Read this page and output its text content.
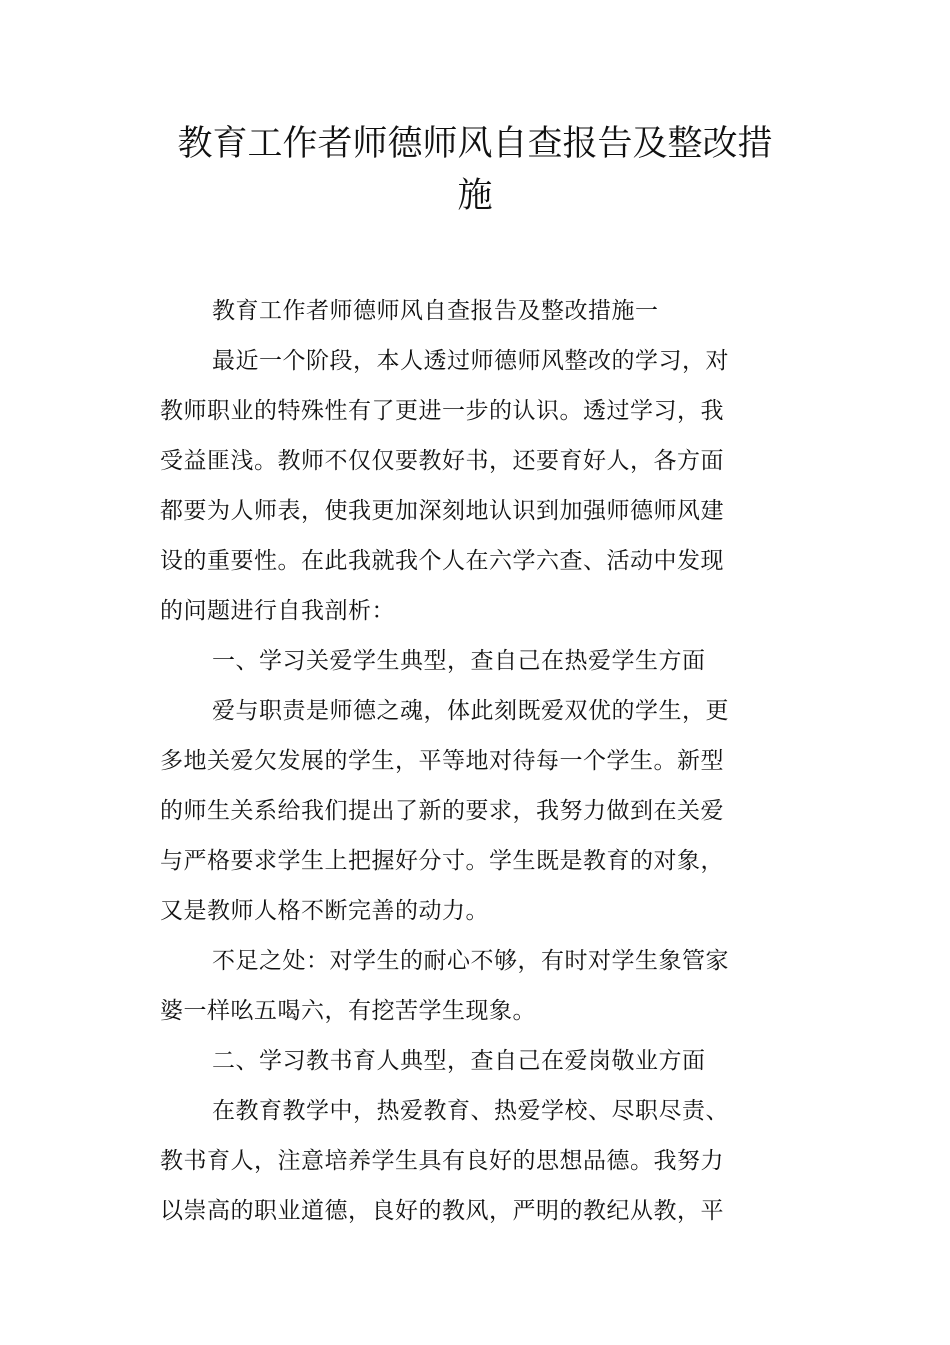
教育工作者师德师风自查报告及整改措
施
教育工作者师德师风自查报告及整改措施一
最近一个阶段，本人透过师德师风整改的学习，对
教师职业的特殊性有了更进一步的认识。透过学习，我
受益匪浅。教师不仅仅要教好书，还要育好人，各方面
都要为人师表，使我更加深刻地认识到加强师德师风建
设的重要性。在此我就我个人在六学六查、活动中发现
的问题进行自我剖析：
一、学习关爱学生典型，查自己在热爱学生方面
爱与职责是师德之魂，体此刻既爱双优的学生，更
多地关爱欠发展的学生，平等地对待每一个学生。新型
的师生关系给我们提出了新的要求，我努力做到在关爱
与严格要求学生上把握好分寸。学生既是教育的对象，
又是教师人格不断完善的动力。
不足之处：对学生的耐心不够，有时对学生象管家
婆一样吆五喝六，有挖苦学生现象。
二、学习教书育人典型，查自己在爱岗敬业方面
在教育教学中，热爱教育、热爱学校、尽职尽责、
教书育人，注意培养学生具有良好的思想品德。我努力
以崇高的职业道德，良好的教风，严明的教纪从教，平
